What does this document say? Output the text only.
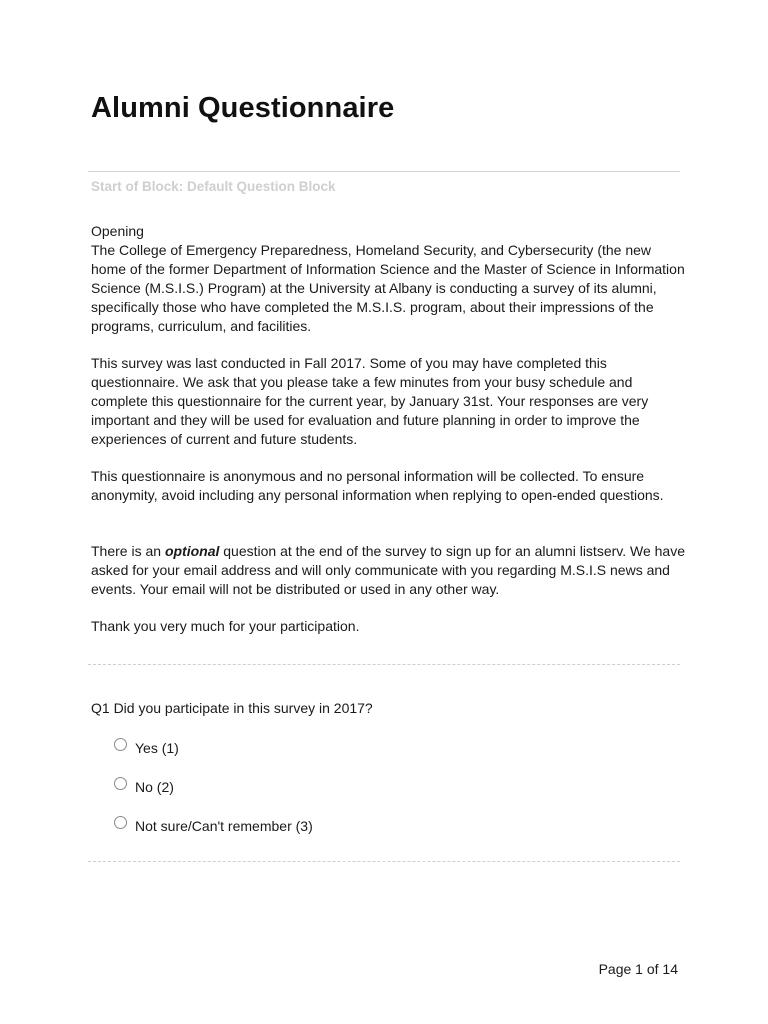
Alumni Questionnaire
Start of Block: Default Question Block
Opening
The College of Emergency Preparedness, Homeland Security, and Cybersecurity (the new
home of the former Department of Information Science and the Master of Science in Information
Science (M.S.I.S.) Program) at the University at Albany is conducting a survey of its alumni,
specifically those who have completed the M.S.I.S. program, about their impressions of the
programs, curriculum, and facilities.
This survey was last conducted in Fall 2017. Some of you may have completed this
questionnaire. We ask that you please take a few minutes from your busy schedule and
complete this questionnaire for the current year, by January 31st. Your responses are very
important and they will be used for evaluation and future planning in order to improve the
experiences of current and future students.
This questionnaire is anonymous and no personal information will be collected. To ensure
anonymity, avoid including any personal information when replying to open-ended questions.
There is an optional question at the end of the survey to sign up for an alumni listserv. We have
asked for your email address and will only communicate with you regarding M.S.I.S news and
events. Your email will not be distributed or used in any other way.
Thank you very much for your participation.
Q1 Did you participate in this survey in 2017?
Yes (1)
No (2)
Not sure/Can't remember (3)
Page 1 of 14
